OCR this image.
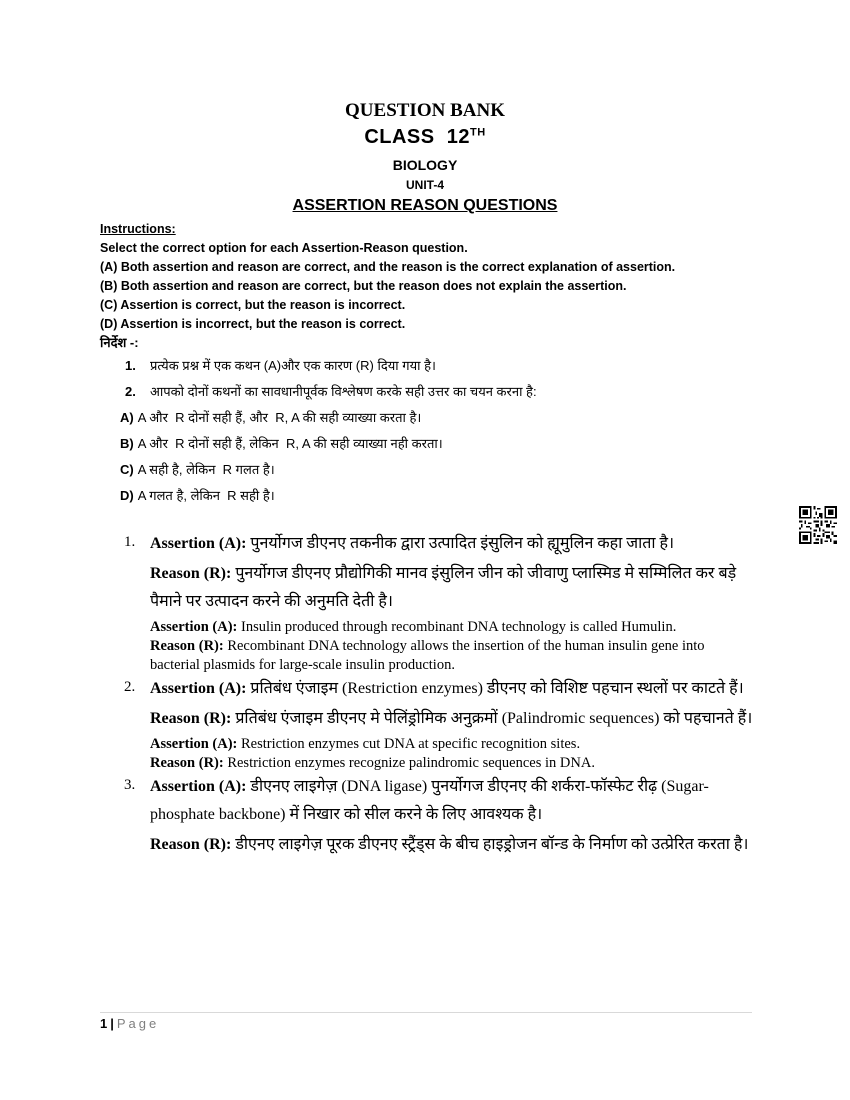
QUESTION BANK
CLASS  12TH
BIOLOGY
UNIT-4
ASSERTION REASON QUESTIONS
Instructions:
Select the correct option for each Assertion-Reason question.
(A) Both assertion and reason are correct, and the reason is the correct explanation of assertion.
(B) Both assertion and reason are correct, but the reason does not explain the assertion.
(C) Assertion is correct, but the reason is incorrect.
(D) Assertion is incorrect, but the reason is correct.
निर्देश -:
1. प्रत्येक प्रश्न में एक कथन (A)और एक कारण (R) दिया गया है।
2. आपको दोनों कथनों का सावधानीपूर्वक विश्लेषण करके सही उत्तर का चयन करना है:
A) A और  R दोनों सही हैं, और  R, A की सही व्याख्या करता है।
B) A और  R दोनों सही हैं, लेकिन  R, A की सही व्याख्या नही करता।
C) A सही है, लेकिन  R गलत है।
D) A गलत है, लेकिन  R सही है।
1. Assertion (A): पुनर्योगज डीएनए तकनीक द्वारा उत्पादित इंसुलिन को ह्यूमुलिन कहा जाता है।
Reason (R): पुनर्योगज डीएनए प्रौद्योगिकी मानव इंसुलिन जीन को जीवाणु प्लास्मिड मे सम्मिलित कर बड़े पैमाने पर उत्पादन करने की अनुमति देती है।
Assertion (A): Insulin produced through recombinant DNA technology is called Humulin.
Reason (R): Recombinant DNA technology allows the insertion of the human insulin gene into bacterial plasmids for large-scale insulin production.
2. Assertion (A): प्रतिबंध एंजाइम (Restriction enzymes) डीएनए को विशिष्ट पहचान स्थलों पर काटते हैं।
Reason (R): प्रतिबंध एंजाइम डीएनए मे पेलिंड्रोमिक अनुक्रमों (Palindromic sequences) को पहचानते हैं।
Assertion (A): Restriction enzymes cut DNA at specific recognition sites.
Reason (R): Restriction enzymes recognize palindromic sequences in DNA.
3. Assertion (A): डीएनए लाइगेज़ (DNA ligase) पुनर्योगज डीएनए की शर्करा-फॉस्फेट रीढ़ (Sugar-phosphate backbone) में निखार को सील करने के लिए आवश्यक है।
Reason (R): डीएनए लाइगेज़ पूरक डीएनए स्ट्रैंड्स के बीच हाइड्रोजन बॉन्ड के निर्माण को उत्प्रेरित करता है।
1 | Page
